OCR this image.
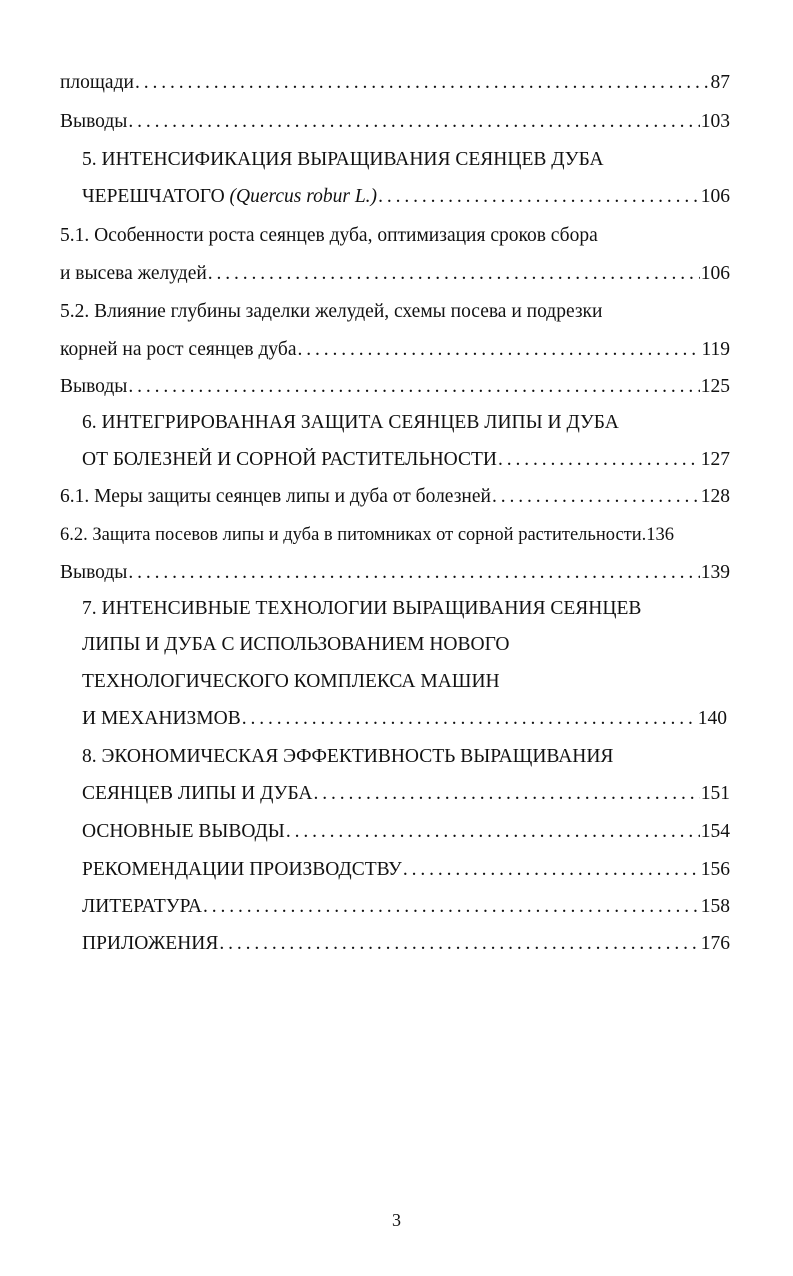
площади . . .	87
Выводы . . .	103
5. ИНТЕНСИФИКАЦИЯ ВЫРАЩИВАНИЯ СЕЯНЦЕВ ДУБА
ЧЕРЕШЧАТОГО (Quercus robur L.) . . .	106
5.1. Особенности роста сеянцев дуба, оптимизация сроков сбора
и высева желудей . . .	106
5.2. Влияние глубины заделки желудей, схемы посева и подрезки
корней на рост сеянцев дуба . . .	119
Выводы . . .	125
6. ИНТЕГРИРОВАННАЯ ЗАЩИТА СЕЯНЦЕВ ЛИПЫ И ДУБА
ОТ БОЛЕЗНЕЙ И СОРНОЙ РАСТИТЕЛЬНОСТИ . . .	127
6.1. Меры защиты сеянцев липы и дуба от болезней . . .	128
6.2. Защита посевов липы и дуба в питомниках от сорной растительности. 136
Выводы . . .	139
7. ИНТЕНСИВНЫЕ ТЕХНОЛОГИИ ВЫРАЩИВАНИЯ СЕЯНЦЕВ
ЛИПЫ И ДУБА С ИСПОЛЬЗОВАНИЕМ НОВОГО
ТЕХНОЛОГИЧЕСКОГО КОМПЛЕКСА МАШИН
И МЕХАНИЗМОВ . . .	140
8. ЭКОНОМИЧЕСКАЯ ЭФФЕКТИВНОСТЬ ВЫРАЩИВАНИЯ
СЕЯНЦЕВ ЛИПЫ И ДУБА . . .	151
ОСНОВНЫЕ ВЫВОДЫ . . .	154
РЕКОМЕНДАЦИИ ПРОИЗВОДСТВУ . . .	156
ЛИТЕРАТУРА . . .	158
ПРИЛОЖЕНИЯ . . .	176
3
